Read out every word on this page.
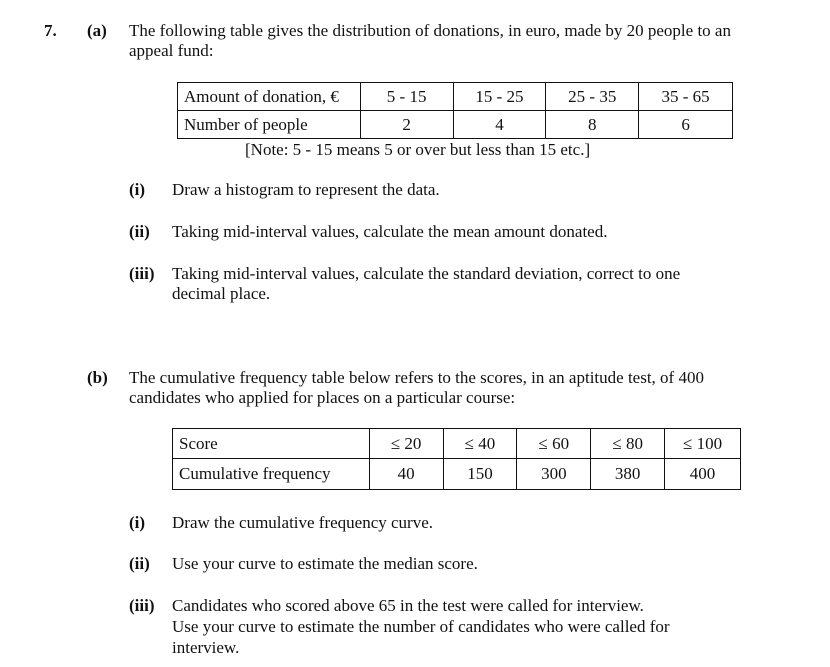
7. (a) The following table gives the distribution of donations, in euro, made by 20 people to an
appeal fund:
Amount of donation, €	5 - 15	15 - 25	25 - 35	35 - 65
Number of people	2	4	8	6
[Note: 5 - 15 means 5 or over but less than 15 etc.]
(i) Draw a histogram to represent the data.
(ii) Taking mid-interval values, calculate the mean amount donated.
(iii) Taking mid-interval values, calculate the standard deviation, correct to one
decimal place.
(b) The cumulative frequency table below refers to the scores, in an aptitude test, of 400
candidates who applied for places on a particular course:
Score	≤ 20	≤ 40	≤ 60	≤ 80	≤ 100
Cumulative frequency	40	150	300	380	400
(i) Draw the cumulative frequency curve.
(ii) Use your curve to estimate the median score.
(iii) Candidates who scored above 65 in the test were called for interview.
Use your curve to estimate the number of candidates who were called for
interview.
